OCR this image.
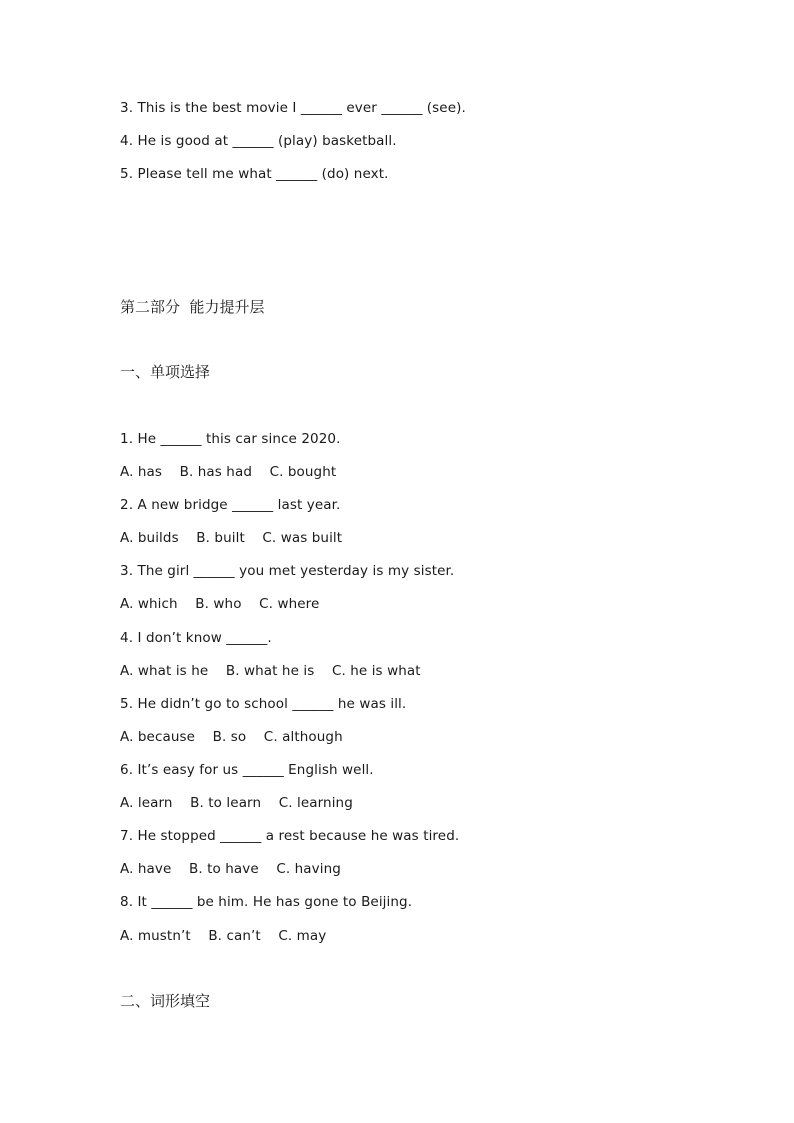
3. This is the best movie I ______ ever ______ (see).
4. He is good at ______ (play) basketball.
5. Please tell me what ______ (do) next.
第二部分  能力提升层
一、单项选择
1. He ______ this car since 2020.
A. has    B. has had    C. bought
2. A new bridge ______ last year.
A. builds    B. built    C. was built
3. The girl ______ you met yesterday is my sister.
A. which    B. who    C. where
4. I don’t know ______.
A. what is he    B. what he is    C. he is what
5. He didn’t go to school ______ he was ill.
A. because    B. so    C. although
6. It’s easy for us ______ English well.
A. learn    B. to learn    C. learning
7. He stopped ______ a rest because he was tired.
A. have    B. to have    C. having
8. It ______ be him. He has gone to Beijing.
A. mustn’t    B. can’t    C. may
二、词形填空
